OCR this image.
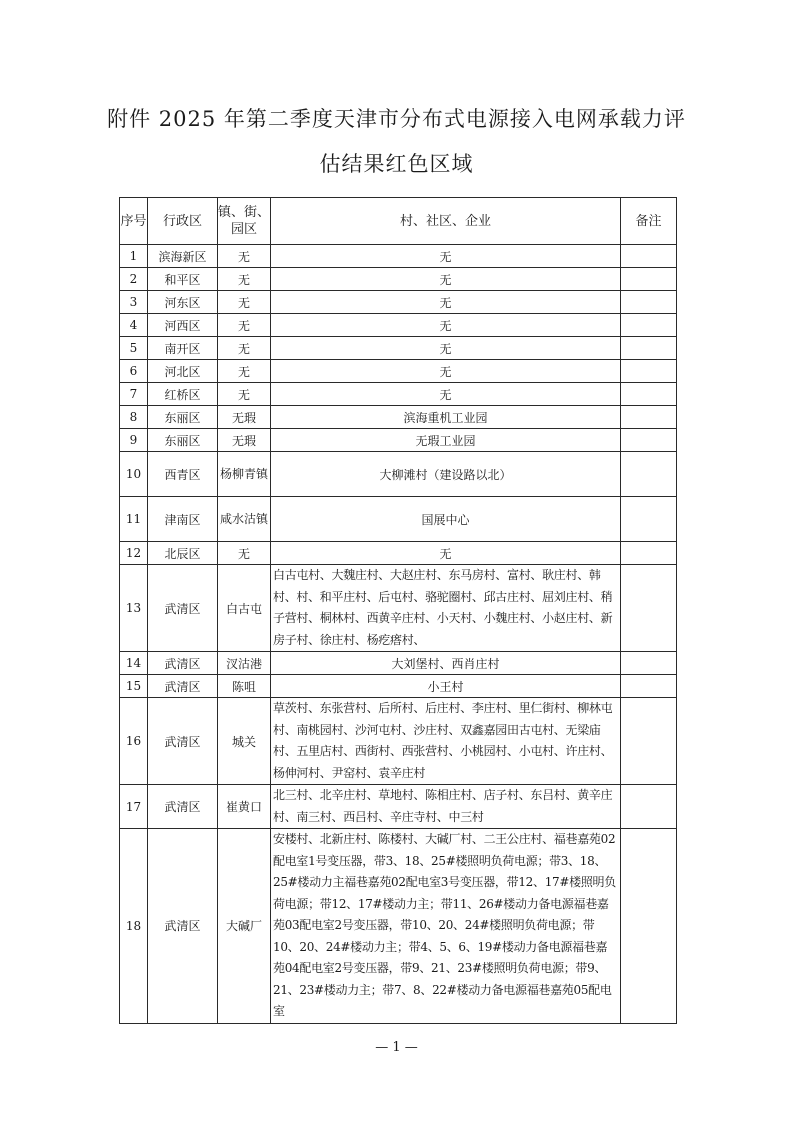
附件 2025 年第二季度天津市分布式电源接入电网承载力评
估结果红色区域
序号	行政区	镇、街、园区	村、社区、企业	备注
1	滨海新区	无	无	
2	和平区	无	无	
3	河东区	无	无	
4	河西区	无	无	
5	南开区	无	无	
6	河北区	无	无	
7	红桥区	无	无	
8	东丽区	无瑕	滨海重机工业园	
9	东丽区	无瑕	无瑕工业园	
10	西青区	杨柳青镇	大柳滩村（建设路以北）	
11	津南区	咸水沽镇	国展中心	
12	北辰区	无	无	
13	武清区	白古屯	白古屯村、大魏庄村、大赵庄村、东马房村、富村、耿庄村、韩村、村、和平庄村、后屯村、骆驼圈村、邱古庄村、屈刘庄村、稍子营村、桐林村、西黄辛庄村、小天村、小魏庄村、小赵庄村、新房子村、徐庄村、杨疙瘩村、	
14	武清区	汊沽港	大刘堡村、西肖庄村	
15	武清区	陈咀	小王村	
16	武清区	城关	草茨村、东张营村、后所村、后庄村、李庄村、里仁街村、柳林屯村、南桃园村、沙河屯村、沙庄村、双鑫嘉园田古屯村、无梁庙村、五里店村、西街村、西张营村、小桃园村、小屯村、许庄村、杨伸河村、尹窑村、袁辛庄村	
17	武清区	崔黄口	北三村、北辛庄村、草地村、陈相庄村、店子村、东吕村、黄辛庄村、南三村、西吕村、辛庄寺村、中三村	
18	武清区	大碱厂	安楼村、北新庄村、陈楼村、大碱厂村、二王公庄村、福巷嘉苑02配电室1号变压器，带3、18、25#楼照明负荷电源；带3、18、25#楼动力主福巷嘉苑02配电室3号变压器，带12、17#楼照明负荷电源；带12、17#楼动力主；带11、26#楼动力备电源福巷嘉苑03配电室2号变压器，带10、20、24#楼照明负荷电源；带10、20、24#楼动力主；带4、5、6、19#楼动力备电源福巷嘉苑04配电室2号变压器，带9、21、23#楼照明负荷电源；带9、21、23#楼动力主；带7、8、22#楼动力备电源福巷嘉苑05配电室	
— 1 —
